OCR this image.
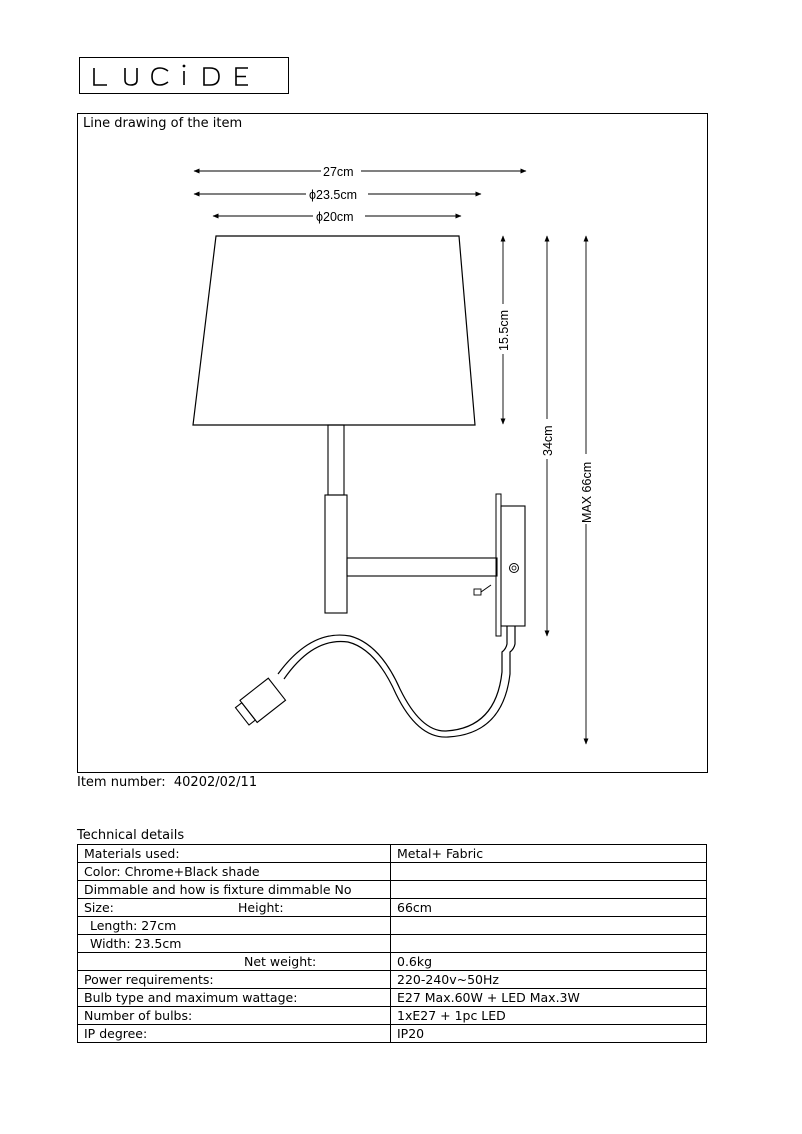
Line drawing of the item
27cm
ϕ23.5cm
ϕ20cm
15.5cm
34cm
MAX 66cm
Item number: 40202/02/11
Technical details
Materials used:	Metal+ Fabric
Color: Chrome+Black shade	
Dimmable and how is fixture dimmable No	

Size: Height:	66cm
Length: 27cm	
Width: 23.5cm	
Net weight:	0.6kg
Power requirements:	220-240v~50Hz
Bulb type and maximum wattage:	E27 Max.60W + LED Max.3W
Number of bulbs:	1xE27 + 1pc LED
IP degree:	IP20
